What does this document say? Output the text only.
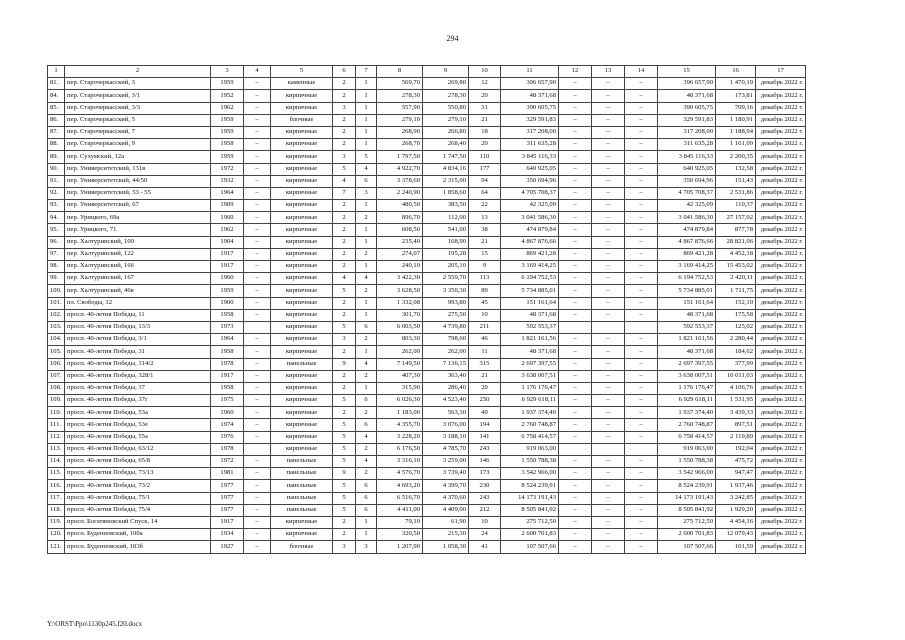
294
1	2	3	4	5	6	7	8	9	10	11	12	13	14	15	16	17
81.	пер. Старочеркасский, 3	1959	–	каменные	2	1	569,70	269,80	12	396 657,90	–	–	–	396 657,90	1 470,19	декабрь 2022 г.
84.	пер. Старочеркасский, 3/1	1952	–	кирпичные	2	1	278,30	278,30	20	48 371,68	–	–	–	48 371,68	173,81	декабрь 2022 г.
85.	пер. Старочеркасский, 3/3	1962	–	кирпичные	3	1	557,90	550,80	31	390 605,75	–	–	–	390 605,75	709,16	декабрь 2022 г.
86.	пер. Старочеркасский, 5	1959	–	блочные	2	1	279,10	279,10	21	329 591,83	–	–	–	329 591,83	1 180,91	декабрь 2022 г.
87.	пер. Старочеркасский, 7	1959	–	кирпичные	2	1	268,90	266,80	18	317 208,00	–	–	–	317 208,00	1 188,94	декабрь 2022 г.
88.	пер. Старочеркасский, 9	1958	–	кирпичные	2	1	268,70	268,40	20	311 635,28	–	–	–	311 635,28	1 161,09	декабрь 2022 г.
89.	пер. Сухумский, 12а	1959	–	кирпичные	3	5	1 797,50	1 747,50	110	3 845 116,33	–	–	–	3 845 116,33	2 200,35	декабрь 2022 г.
90.	пер. Университетский, 131в	1972	–	кирпичные	5	4	4 922,70	4 834,16	177	640 925,05	–	–	–	640 925,05	132,58	декабрь 2022 г.
91.	пер. Университетский, 44/50	1932	–	кирпичные	4	6	3 378,60	2 315,00	94	350 694,96	–	–	–	350 694,96	151,43	декабрь 2022 г.
92.	пер. Университетский, 53 - 55	1964	–	кирпичные	7	3	2 240,90	1 858,60	64	4 705 708,37	–	–	–	4 705 708,37	2 531,86	декабрь 2022 г.
93.	пер. Университетский, 67	1909	–	кирпичные	2	1	480,50	383,50	22	42 325,09	–	–	–	42 325,09	110,37	декабрь 2022 г.
94.	пер. Урицкого, 69а	1960	–	кирпичные	2	2	896,70	112,00	13	3 041 586,30	–	–	–	3 041 586,30	27 157,02	декабрь 2022 г.
95.	пер. Урицкого, 71	1962	–	кирпичные	2	1	608,50	541,00	38	474 879,84	–	–	–	474 879,84	877,78	декабрь 2022 г.
96.	пер. Халтуринский, 100	1904	–	кирпичные	2	1	235,40	168,90	21	4 867 876,66	–	–	–	4 867 876,66	28 821,06	декабрь 2022 г.
97.	пер. Халтуринский, 122	1917	–	кирпичные	2	2	274,07	195,28	15	869 421,28	–	–	–	869 421,28	4 452,18	декабрь 2022 г.
98.	пер. Халтуринский, 166	1917	–	кирпичные	2	1	240,10	205,10	9	3 169 414,25	–	–	–	3 169 414,25	15 453,02	декабрь 2022 г.
99.	пер. Халтуринский, 167	1960	–	кирпичные	4	4	3 422,30	2 559,70	113	6 194 752,53	–	–	–	6 194 752,53	2 420,11	декабрь 2022 г.
100.	пер. Халтуринский, 46в	1959	–	кирпичные	5	2	3 628,50	3 350,30	89	5 734 885,01	–	–	–	5 734 885,01	1 711,75	декабрь 2022 г.
101.	пл. Свободы, 12	1900	–	кирпичные	2	1	1 332,08	993,80	45	151 161,64	–	–	–	151 161,64	152,10	декабрь 2022 г.
102.	просп. 40-летия Победы, 11	1958	–	кирпичные	2	1	301,70	275,50	10	48 371,68	–	–	–	48 371,68	175,58	декабрь 2022 г.
103.	просп. 40-летия Победы, 13/3	1973		кирпичные	5	6	6 003,50	4 739,80	211	592 553,37				592 553,37	125,02	декабрь 2022 г.
104.	просп. 40-летия Победы, 3/1	1964	–	кирпичные	3	2	803,30	798,60	46	1 821 161,56	–	–	–	1 821 161,56	2 280,44	декабрь 2022 г.
105.	просп. 40-летия Победы, 31	1958	–	кирпичные	2	1	262,00	262,00	11	48 371,68	–	–	–	48 371,68	184,62	декабрь 2022 г.
106.	просп. 40-летия Победы, 314/2	1978	–	панельные	9	4	7 149,50	7 136,15	315	2 697 397,55	–	–	–	2 697 397,55	377,99	декабрь 2022 г.
107.	просп. 40-летия Победы, 328/1	1917	–	кирпичные	2	2	407,30	363,40	21	3 638 007,51	–	–	–	3 638 007,51	10 011,03	декабрь 2022 г.
108.	просп. 40-летия Победы, 37	1958	–	кирпичные	2	1	315,90	286,40	20	1 176 176,47	–	–	–	1 176 176,47	4 106,76	декабрь 2022 г.
109.	просп. 40-летия Победы, 37г	1975	–	кирпичные	5	6	6 026,30	4 523,40	250	6 929 618,11	–	–	–	6 929 618,11	1 531,95	декабрь 2022 г.
110.	просп. 40-летия Победы, 53а	1960	–	кирпичные	2	2	1 183,00	563,30	40	1 937 374,40	–	–	–	1 937 374,40	3 439,33	декабрь 2022 г.
111.	просп. 40-летия Победы, 53е	1974	–	кирпичные	5	6	4 355,70	3 076,00	194	2 760 748,87	–	–	–	2 760 748,87	897,51	декабрь 2022 г.
112.	просп. 40-летия Победы, 55а	1976	–	кирпичные	5	4	3 228,20	3 188,10	141	6 758 414,57	–	–	–	6 758 414,57	2 119,89	декабрь 2022 г.
113.	просп. 40-летия Победы, 63/12	1978		кирпичные	5	2	6 176,50	4 785,70	243	919 063,00				919 063,00	192,04	декабрь 2022 г.
114.	просп. 40-летия Победы, 65/8	1972	–	панельные	5	4	3 316,10	3 259,00	146	1 550 788,38	–	–	–	1 550 788,38	475,72	декабрь 2022 г.
115.	просп. 40-летия Победы, 73/13	1981	–	панельные	9	2	4 576,70	3 739,40	173	3 542 966,00	–	–	–	3 542 966,00	947,47	декабрь 2022 г.
116.	просп. 40-летия Победы, 73/2	1977	–	панельные	5	6	4 693,20	4 399,70	230	8 524 239,91	–	–	–	8 524 239,91	1 937,46	декабрь 2022 г.
117.	просп. 40-летия Победы, 75/1	1977	–	панельные	5	6	6 516,70	4 370,60	243	14 173 191,43	–	–	–	14 173 191,43	3 242,85	декабрь 2022 г.
118.	просп. 40-летия Победы, 75/4	1977	–	панельные	5	6	4 411,00	4 409,00	212	8 505 841,92	–	–	–	8 505 841,92	1 929,20	декабрь 2022 г.
119.	просп. Богатяновский Спуск, 14	1917	–	кирпичные	2	1	79,10	61,90	10	275 712,50	–	–	–	275 712,50	4 454,16	декабрь 2022 г.
120.	просп. Буденновский, 100а	1934	–	кирпичные	2	1	320,50	215,30	24	2 600 701,83	–	–	–	2 600 701,83	12 079,43	декабрь 2022 г.
121.	просп. Буденновский, 103б	1927	–	блочные	3	3	1 207,90	1 058,30	41	107 507,66	–	–	–	107 507,66	101,59	декабрь 2022 г.
Y:\ORST\Ppo\1130p245.f20.docx
